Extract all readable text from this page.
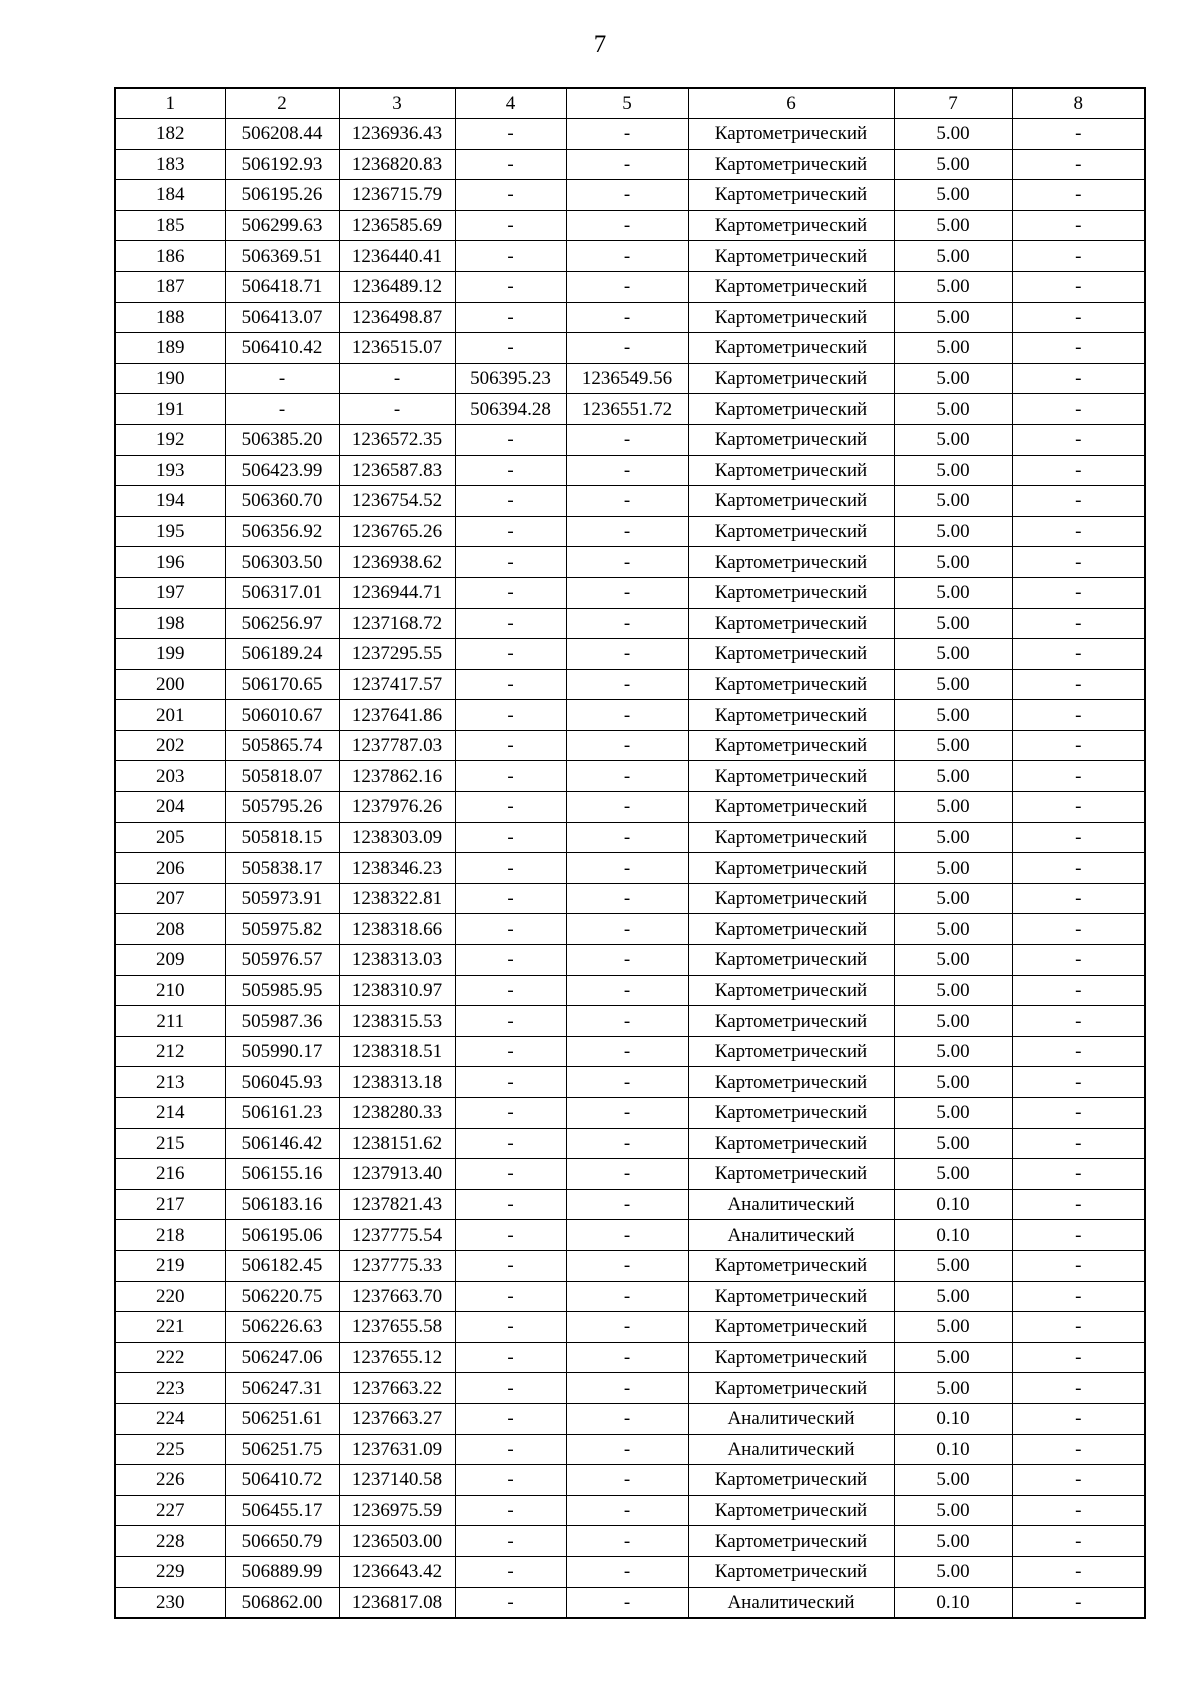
7
1	2	3	4	5	6	7	8
182	506208.44	1236936.43	-	-	Картометрический	5.00	-
183	506192.93	1236820.83	-	-	Картометрический	5.00	-
184	506195.26	1236715.79	-	-	Картометрический	5.00	-
185	506299.63	1236585.69	-	-	Картометрический	5.00	-
186	506369.51	1236440.41	-	-	Картометрический	5.00	-
187	506418.71	1236489.12	-	-	Картометрический	5.00	-
188	506413.07	1236498.87	-	-	Картометрический	5.00	-
189	506410.42	1236515.07	-	-	Картометрический	5.00	-
190	-	-	506395.23	1236549.56	Картометрический	5.00	-
191	-	-	506394.28	1236551.72	Картометрический	5.00	-
192	506385.20	1236572.35	-	-	Картометрический	5.00	-
193	506423.99	1236587.83	-	-	Картометрический	5.00	-
194	506360.70	1236754.52	-	-	Картометрический	5.00	-
195	506356.92	1236765.26	-	-	Картометрический	5.00	-
196	506303.50	1236938.62	-	-	Картометрический	5.00	-
197	506317.01	1236944.71	-	-	Картометрический	5.00	-
198	506256.97	1237168.72	-	-	Картометрический	5.00	-
199	506189.24	1237295.55	-	-	Картометрический	5.00	-
200	506170.65	1237417.57	-	-	Картометрический	5.00	-
201	506010.67	1237641.86	-	-	Картометрический	5.00	-
202	505865.74	1237787.03	-	-	Картометрический	5.00	-
203	505818.07	1237862.16	-	-	Картометрический	5.00	-
204	505795.26	1237976.26	-	-	Картометрический	5.00	-
205	505818.15	1238303.09	-	-	Картометрический	5.00	-
206	505838.17	1238346.23	-	-	Картометрический	5.00	-
207	505973.91	1238322.81	-	-	Картометрический	5.00	-
208	505975.82	1238318.66	-	-	Картометрический	5.00	-
209	505976.57	1238313.03	-	-	Картометрический	5.00	-
210	505985.95	1238310.97	-	-	Картометрический	5.00	-
211	505987.36	1238315.53	-	-	Картометрический	5.00	-
212	505990.17	1238318.51	-	-	Картометрический	5.00	-
213	506045.93	1238313.18	-	-	Картометрический	5.00	-
214	506161.23	1238280.33	-	-	Картометрический	5.00	-
215	506146.42	1238151.62	-	-	Картометрический	5.00	-
216	506155.16	1237913.40	-	-	Картометрический	5.00	-
217	506183.16	1237821.43	-	-	Аналитический	0.10	-
218	506195.06	1237775.54	-	-	Аналитический	0.10	-
219	506182.45	1237775.33	-	-	Картометрический	5.00	-
220	506220.75	1237663.70	-	-	Картометрический	5.00	-
221	506226.63	1237655.58	-	-	Картометрический	5.00	-
222	506247.06	1237655.12	-	-	Картометрический	5.00	-
223	506247.31	1237663.22	-	-	Картометрический	5.00	-
224	506251.61	1237663.27	-	-	Аналитический	0.10	-
225	506251.75	1237631.09	-	-	Аналитический	0.10	-
226	506410.72	1237140.58	-	-	Картометрический	5.00	-
227	506455.17	1236975.59	-	-	Картометрический	5.00	-
228	506650.79	1236503.00	-	-	Картометрический	5.00	-
229	506889.99	1236643.42	-	-	Картометрический	5.00	-
230	506862.00	1236817.08	-	-	Аналитический	0.10	-
